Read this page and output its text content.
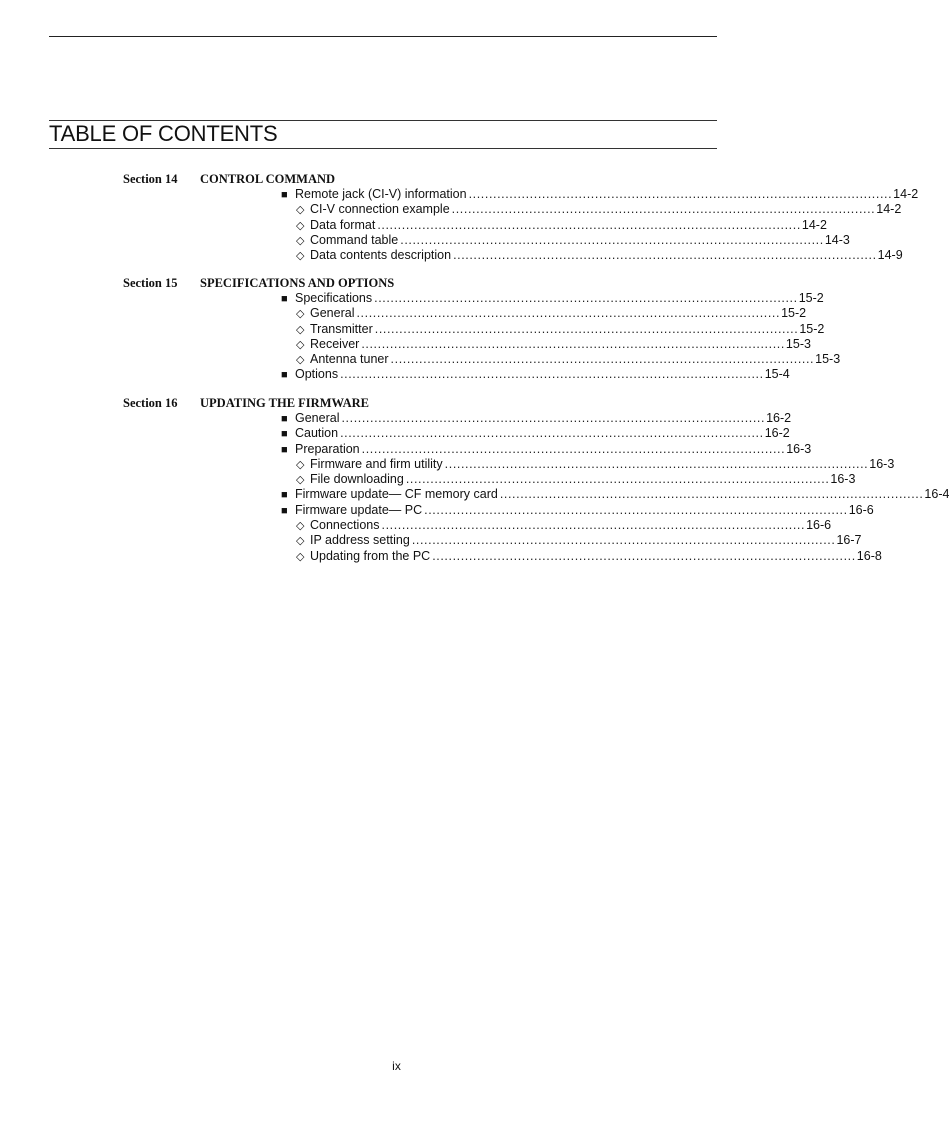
TABLE OF CONTENTS
Section 14 CONTROL COMMAND
■ Remote jack (CI-V) information ........................................................................................................ 14-2
◇ CI-V connection example ........................................................................................................ 14-2
◇ Data format ........................................................................................................ 14-2
◇ Command table ........................................................................................................ 14-3
◇ Data contents description ........................................................................................................ 14-9
Section 15 SPECIFICATIONS AND OPTIONS
■ Specifications ........................................................................................................ 15-2
◇ General ........................................................................................................ 15-2
◇ Transmitter ........................................................................................................ 15-2
◇ Receiver ........................................................................................................ 15-3
◇ Antenna tuner ........................................................................................................ 15-3
■ Options ........................................................................................................ 15-4
Section 16 UPDATING THE FIRMWARE
■ General ........................................................................................................ 16-2
■ Caution ........................................................................................................ 16-2
■ Preparation ........................................................................................................ 16-3
◇ Firmware and firm utility ........................................................................................................ 16-3
◇ File downloading ........................................................................................................ 16-3
■ Firmware update— CF memory card ........................................................................................................ 16-4
■ Firmware update— PC ........................................................................................................ 16-6
◇ Connections ........................................................................................................ 16-6
◇ IP address setting ........................................................................................................ 16-7
◇ Updating from the PC ........................................................................................................ 16-8
ix
